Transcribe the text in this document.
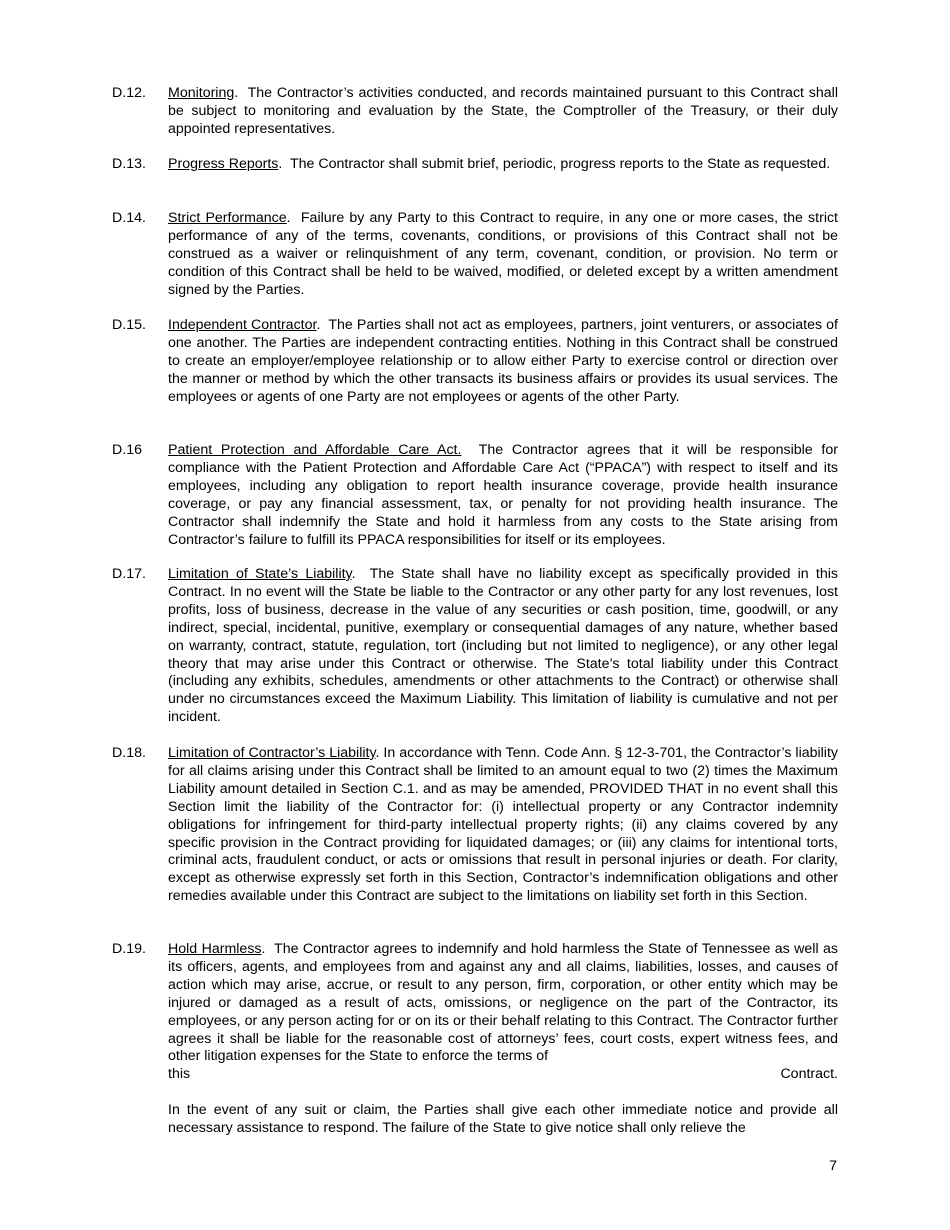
D.12. Monitoring.  The Contractor’s activities conducted, and records maintained pursuant to this Contract shall be subject to monitoring and evaluation by the State, the Comptroller of the Treasury, or their duly appointed representatives.
D.13. Progress Reports.  The Contractor shall submit brief, periodic, progress reports to the State as requested.
D.14. Strict Performance.  Failure by any Party to this Contract to require, in any one or more cases, the strict performance of any of the terms, covenants, conditions, or provisions of this Contract shall not be construed as a waiver or relinquishment of any term, covenant, condition, or provision. No term or condition of this Contract shall be held to be waived, modified, or deleted except by a written amendment signed by the Parties.
D.15. Independent Contractor.  The Parties shall not act as employees, partners, joint venturers, or associates of one another. The Parties are independent contracting entities. Nothing in this Contract shall be construed to create an employer/employee relationship or to allow either Party to exercise control or direction over the manner or method by which the other transacts its business affairs or provides its usual services. The employees or agents of one Party are not employees or agents of the other Party.
D.16 Patient Protection and Affordable Care Act. The Contractor agrees that it will be responsible for compliance with the Patient Protection and Affordable Care Act (“PPACA”) with respect to itself and its employees, including any obligation to report health insurance coverage, provide health insurance coverage, or pay any financial assessment, tax, or penalty for not providing health insurance. The Contractor shall indemnify the State and hold it harmless from any costs to the State arising from Contractor’s failure to fulfill its PPACA responsibilities for itself or its employees.
D.17. Limitation of State’s Liability.  The State shall have no liability except as specifically provided in this Contract. In no event will the State be liable to the Contractor or any other party for any lost revenues, lost profits, loss of business, decrease in the value of any securities or cash position, time, goodwill, or any indirect, special, incidental, punitive, exemplary or consequential damages of any nature, whether based on warranty, contract, statute, regulation, tort (including but not limited to negligence), or any other legal theory that may arise under this Contract or otherwise. The State’s total liability under this Contract (including any exhibits, schedules, amendments or other attachments to the Contract) or otherwise shall under no circumstances exceed the Maximum Liability. This limitation of liability is cumulative and not per incident.
D.18. Limitation of Contractor’s Liability. In accordance with Tenn. Code Ann. § 12-3-701, the Contractor’s liability for all claims arising under this Contract shall be limited to an amount equal to two (2) times the Maximum Liability amount detailed in Section C.1. and as may be amended, PROVIDED THAT in no event shall this Section limit the liability of the Contractor for: (i) intellectual property or any Contractor indemnity obligations for infringement for third-party intellectual property rights; (ii) any claims covered by any specific provision in the Contract providing for liquidated damages; or (iii) any claims for intentional torts, criminal acts, fraudulent conduct, or acts or omissions that result in personal injuries or death. For clarity, except as otherwise expressly set forth in this Section, Contractor’s indemnification obligations and other remedies available under this Contract are subject to the limitations on liability set forth in this Section.
D.19. Hold Harmless.  The Contractor agrees to indemnify and hold harmless the State of Tennessee as well as its officers, agents, and employees from and against any and all claims, liabilities, losses, and causes of action which may arise, accrue, or result to any person, firm, corporation, or other entity which may be injured or damaged as a result of acts, omissions, or negligence on the part of the Contractor, its employees, or any person acting for or on its or their behalf relating to this Contract. The Contractor further agrees it shall be liable for the reasonable cost of attorneys’ fees, court costs, expert witness fees, and other litigation expenses for the State to enforce the terms of
this	Contract.
In the event of any suit or claim, the Parties shall give each other immediate notice and provide all necessary assistance to respond. The failure of the State to give notice shall only relieve the
7
